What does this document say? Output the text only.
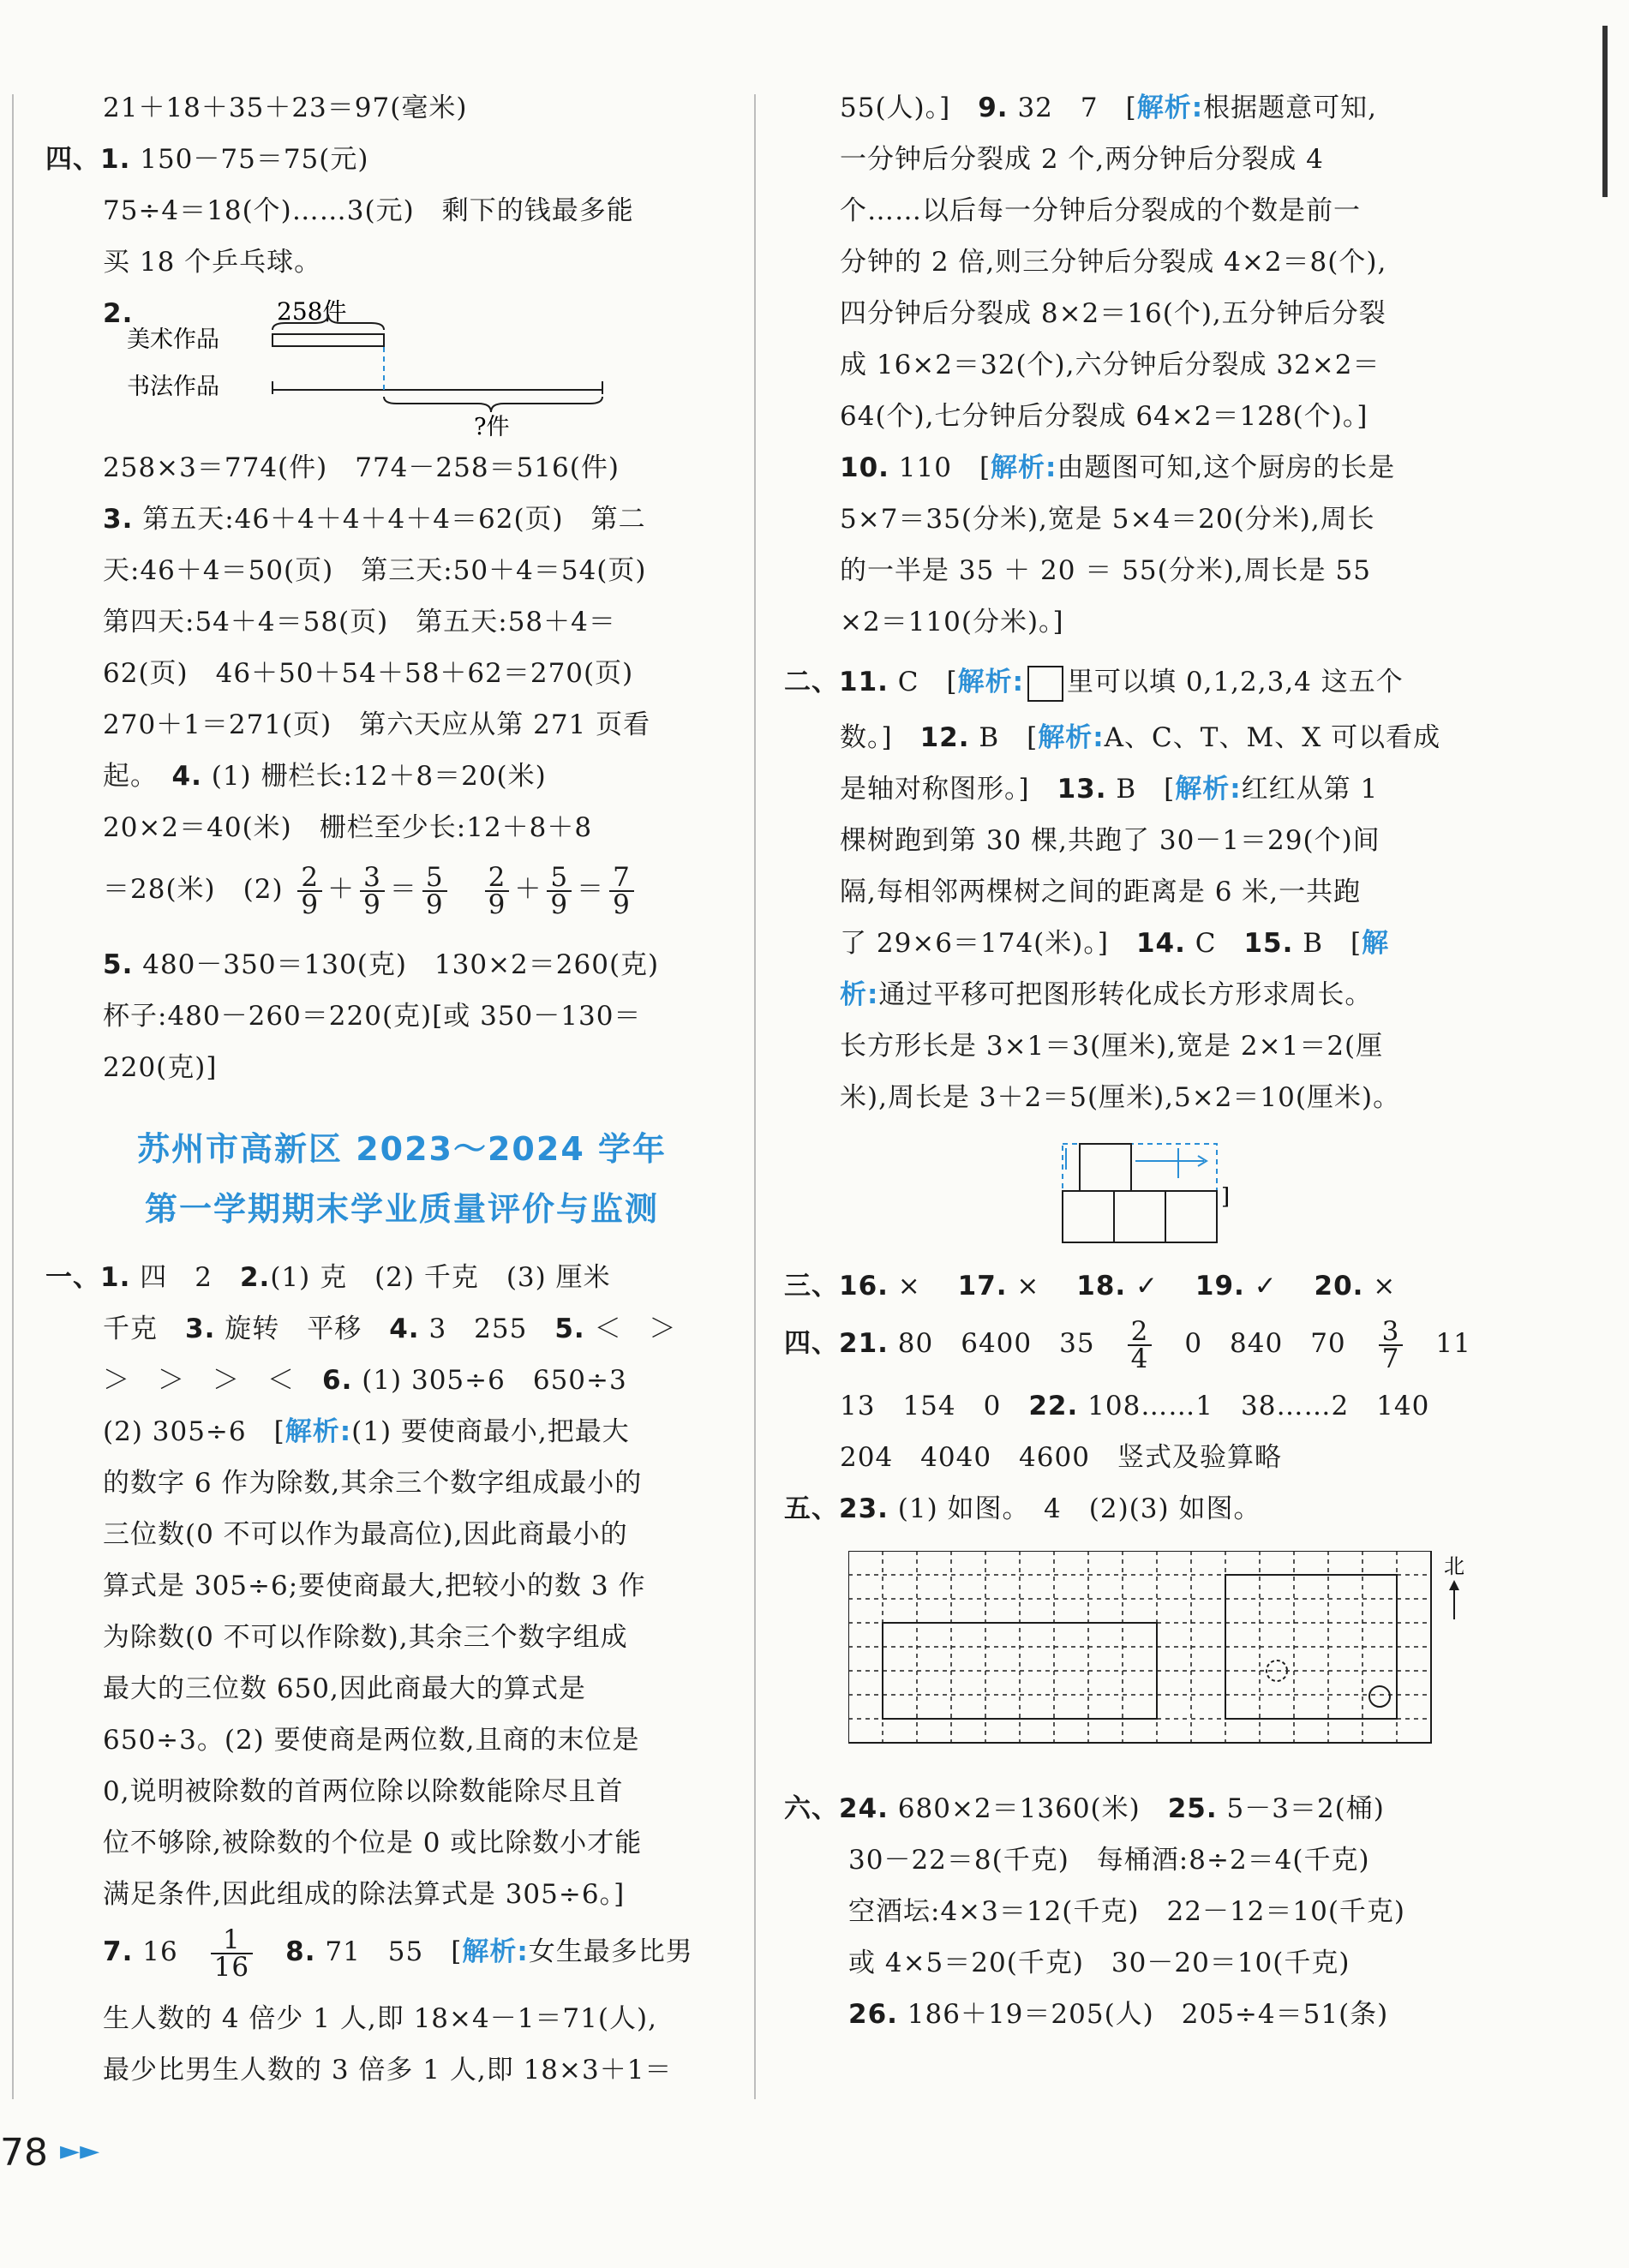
21＋18＋35＋23＝97(毫米)
四、1. 150－75＝75(元)
75÷4＝18(个)……3(元)　剩下的钱最多能
买 18 个乒乓球。
2.	258件
美术作品
书法作品
?件
258×3＝774(件)　774－258＝516(件)
3. 第五天:46＋4＋4＋4＋4＝62(页)　第二
天:46＋4＝50(页)　第三天:50＋4＝54(页)
第四天:54＋4＝58(页)　第五天:58＋4＝
62(页)　46＋50＋54＋58＋62＝270(页)
270＋1＝271(页)　第六天应从第 271 页看
起。　 4. (1) 栅栏长:12＋8＝20(米)
20×2＝40(米)　栅栏至少长:12＋8＋8
＝28(米)　$(2) \frac{2}{9} + \frac{3}{9} = \frac{5}{9}$
　 $\frac{2}{9} + \frac{5}{9} = \frac{7}{9}$
5. 480－350＝130(克)　130×2＝260(克)
杯子:480－260＝220(克)[或 350－130＝
220(克)]
苏州市高新区 2023～2024 学年
第一学期期末学业质量评价与监测
一、1. 四　2　 2.(1) 克　(2) 千克　(3) 厘米
千克　 3. 旋转　平移　 4. 3　255　 5. ＜　＞
＞　＞　＞　＜　 6. (1) 305÷6　650÷3
(2) 305÷6　[解析:(1) 要使商最小,把最大
的数字 6 作为除数,其余三个数字组成最小的
三位数(0 不可以作为最高位),因此商最小的
算式是 305÷6;要使商最大,把较小的数 3 作
为除数(0 不可以作除数),其余三个数字组成
最大的三位数 650,因此商最大的算式是
650÷3。(2) 要使商是两位数,且商的末位是
0,说明被除数的首两位除以除数能除尽且首
位不够除,被除数的个位是 0 或比除数小才能
满足条件,因此组成的除法算式是 305÷6。]
7. 16　 $\frac{1}{16}$
　 8. 71　55　[解析:女生最多比男
生人数的 4 倍少 1 人,即 18×4－1＝71(人),
最少比男生人数的 3 倍多 1 人,即 18×3＋1＝
55(人)。]　 9. 32　7　[解析:根据题意可知,
一分钟后分裂成 2 个,两分钟后分裂成 4
个……以后每一分钟后分裂成的个数是前一
分钟的 2 倍,则三分钟后分裂成 4×2＝8(个),
四分钟后分裂成 8×2＝16(个),五分钟后分裂
成 16×2＝32(个),六分钟后分裂成 32×2＝
64(个),七分钟后分裂成 64×2＝128(个)。]
10. 110　[解析:由题图可知,这个厨房的长是
5×7＝35(分米),宽是 5×4＝20(分米),周长
的一半是 35 ＋ 20 ＝ 55(分米),周长是 55
×2＝110(分米)。]
二、11. C　[解析: 里可以填 0,1,2,3,4 这五个
数。]　 12. B　[解析:A、C、T、M、X 可以看成
是轴对称图形。]　 13. B　[解析:红红从第 1
棵树跑到第 30 棵,共跑了 30－1＝29(个)间
隔,每相邻两棵树之间的距离是 6 米,一共跑
了 29×6＝174(米)。]　 14. C　 15. B　[解
析:通过平移可把图形转化成长方形求周长。
长方形长是 3×1＝3(厘米),宽是 2×1＝2(厘
米),周长是 3＋2＝5(厘米),5×2＝10(厘米)。
]
三、16. ×　 17. ×　 18. ✓　 19. ✓　 20. ×
四、21. 80　6400　35　 $\frac{2}{4}$
　 0　840　70　 $\frac{3}{7}$
　 11
13　154　0　 22. 108……1　38……2　140
204　4040　4600　竖式及验算略
五、23. (1) 如图。　4　(2)(3) 如图。
北
六、24. 680×2＝1360(米)　 25. 5－3＝2(桶)
30－22＝8(千克)　每桶酒:8÷2＝4(千克)
空酒坛:4×3＝12(千克)　22－12＝10(千克)
或 4×5＝20(千克)　30－20＝10(千克)
26. 186＋19＝205(人)　205÷4＝51(条)
78 ►►
